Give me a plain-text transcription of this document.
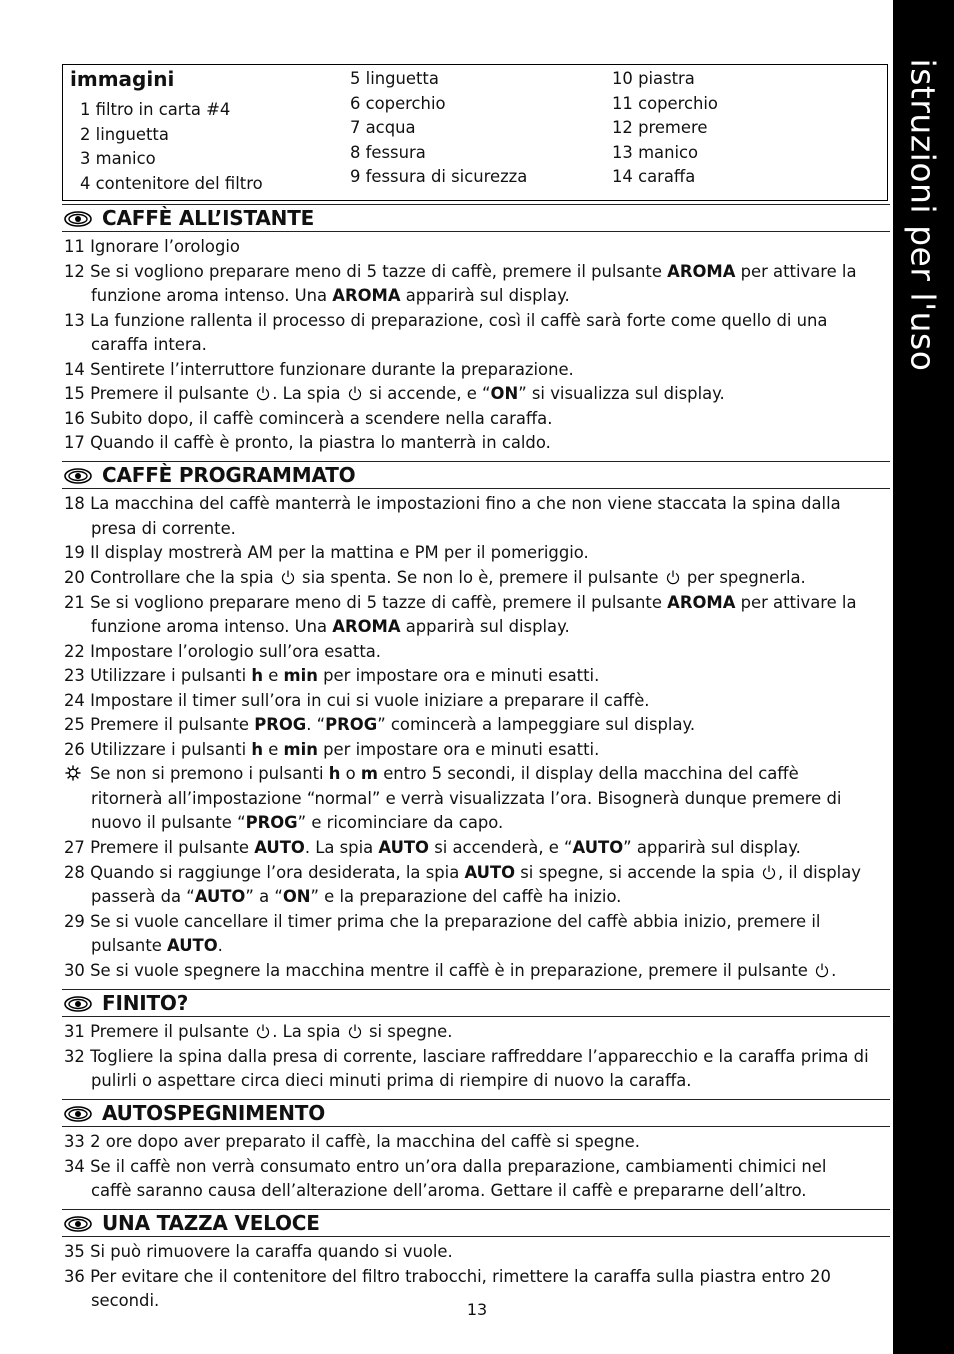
istruzioni per l'uso
immagini
1 filtro in carta #4
2 linguetta
3 manico
4 contenitore del filtro
5 linguetta
6 coperchio
7 acqua
8 fessura
9 fessura di sicurezza
10 piastra
11 coperchio
12 premere
13 manico
14 caraffa
CAFFÈ ALL’ISTANTE
11 Ignorare l’orologio
12 Se si vogliono preparare meno di 5 tazze di caffè, premere il pulsante AROMA per attivare la
funzione aroma intenso. Una AROMA apparirà sul display.
13 La funzione rallenta il processo di preparazione, così il caffè sarà forte come quello di una
caraffa intera.
14 Sentirete l’interruttore funzionare durante la preparazione.
15 Premere il pulsante . La spia  si accende, e “ON” si visualizza sul display.
16 Subito dopo, il caffè comincerà a scendere nella caraffa.
17 Quando il caffè è pronto, la piastra lo manterrà in caldo.
CAFFÈ PROGRAMMATO
18 La macchina del caffè manterrà le impostazioni fino a che non viene staccata la spina dalla
presa di corrente.
19 Il display mostrerà AM per la mattina e PM per il pomeriggio.
20 Controllare che la spia  sia spenta. Se non lo è, premere il pulsante  per spegnerla.
21 Se si vogliono preparare meno di 5 tazze di caffè, premere il pulsante AROMA per attivare la
funzione aroma intenso. Una AROMA apparirà sul display.
22 Impostare l’orologio sull’ora esatta.
23 Utilizzare i pulsanti h e min per impostare ora e minuti esatti.
24 Impostare il timer sull’ora in cui si vuole iniziare a preparare il caffè.
25 Premere il pulsante PROG. “PROG” comincerà a lampeggiare sul display.
26 Utilizzare i pulsanti h e min per impostare ora e minuti esatti.
Se non si premono i pulsanti h o m entro 5 secondi, il display della macchina del caffè
ritornerà all’impostazione “normal” e verrà visualizzata l’ora. Bisognerà dunque premere di
nuovo il pulsante “PROG” e ricominciare da capo.
27 Premere il pulsante AUTO. La spia AUTO si accenderà, e “AUTO” apparirà sul display.
28 Quando si raggiunge l’ora desiderata, la spia AUTO si spegne, si accende la spia , il display
passerà da “AUTO” a “ON” e la preparazione del caffè ha inizio.
29 Se si vuole cancellare il timer prima che la preparazione del caffè abbia inizio, premere il
pulsante AUTO.
30 Se si vuole spegnere la macchina mentre il caffè è in preparazione, premere il pulsante .
FINITO?
31 Premere il pulsante . La spia  si spegne.
32 Togliere la spina dalla presa di corrente, lasciare raffreddare l’apparecchio e la caraffa prima di
pulirli o aspettare circa dieci minuti prima di riempire di nuovo la caraffa.
AUTOSPEGNIMENTO
33 2 ore dopo aver preparato il caffè, la macchina del caffè si spegne.
34 Se il caffè non verrà consumato entro un’ora dalla preparazione, cambiamenti chimici nel
caffè saranno causa dell’alterazione dell’aroma. Gettare il caffè e prepararne dell’altro.
UNA TAZZA VELOCE
35 Si può rimuovere la caraffa quando si vuole.
36 Per evitare che il contenitore del filtro trabocchi, rimettere la caraffa sulla piastra entro 20
secondi.	13
